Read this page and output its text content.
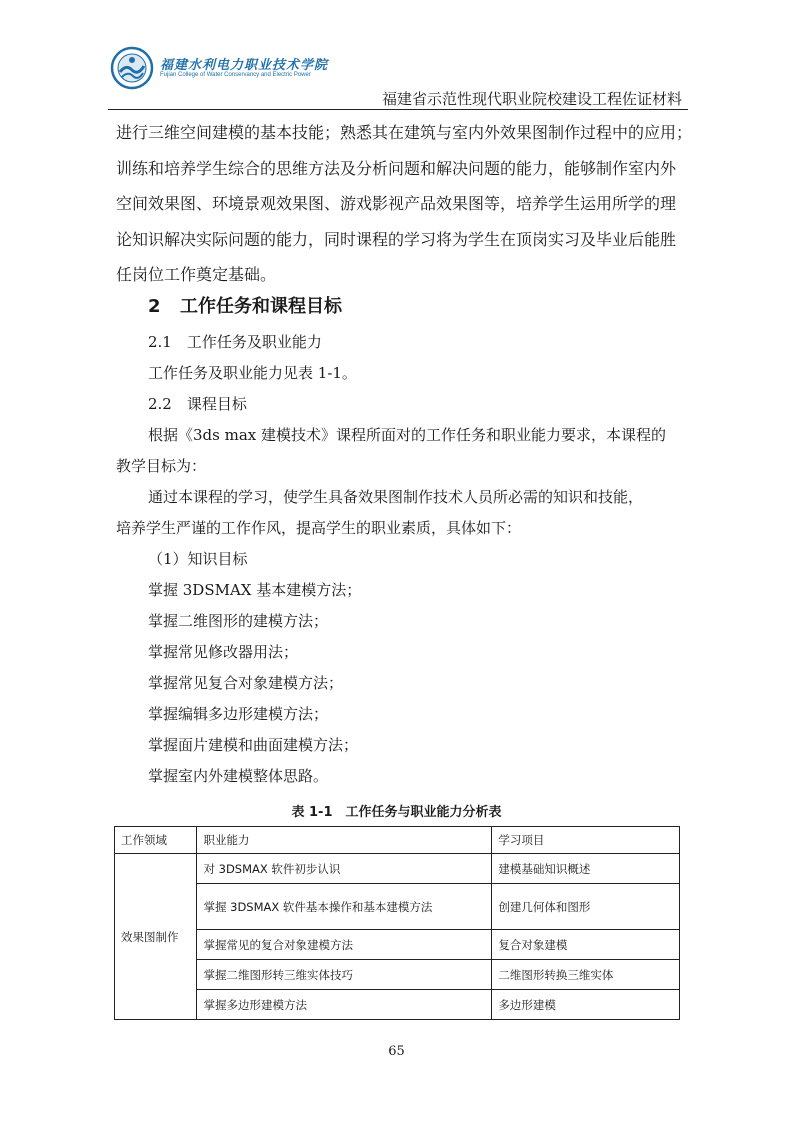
福建水利电力职业技术学院
Fujian College of Water Conservancy and Electric Power
福建省示范性现代职业院校建设工程佐证材料
进行三维空间建模的基本技能；熟悉其在建筑与室内外效果图制作过程中的应用；
训练和培养学生综合的思维方法及分析问题和解决问题的能力，能够制作室内外
空间效果图、环境景观效果图、游戏影视产品效果图等，培养学生运用所学的理
论知识解决实际问题的能力，同时课程的学习将为学生在顶岗实习及毕业后能胜
任岗位工作奠定基础。
2 工作任务和课程目标
2.1　工作任务及职业能力
工作任务及职业能力见表 1-1。
2.2　课程目标
根据《3ds max 建模技术》课程所面对的工作任务和职业能力要求，本课程的
教学目标为：
通过本课程的学习，使学生具备效果图制作技术人员所必需的知识和技能，
培养学生严谨的工作作风，提高学生的职业素质，具体如下：
（1）知识目标
掌握 3DSMAX 基本建模方法；
掌握二维图形的建模方法；
掌握常见修改器用法；
掌握常见复合对象建模方法；
掌握编辑多边形建模方法；
掌握面片建模和曲面建模方法；
掌握室内外建模整体思路。
表 1-1　工作任务与职业能力分析表
工作领域	职业能力	学习项目
效果图制作	对 3DSMAX 软件初步认识	建模基础知识概述
	掌握 3DSMAX 软件基本操作和基本建模方法	创建几何体和图形
	掌握常见的复合对象建模方法	复合对象建模
	掌握二维图形转三维实体技巧	二维图形转换三维实体
	掌握多边形建模方法	多边形建模
65
